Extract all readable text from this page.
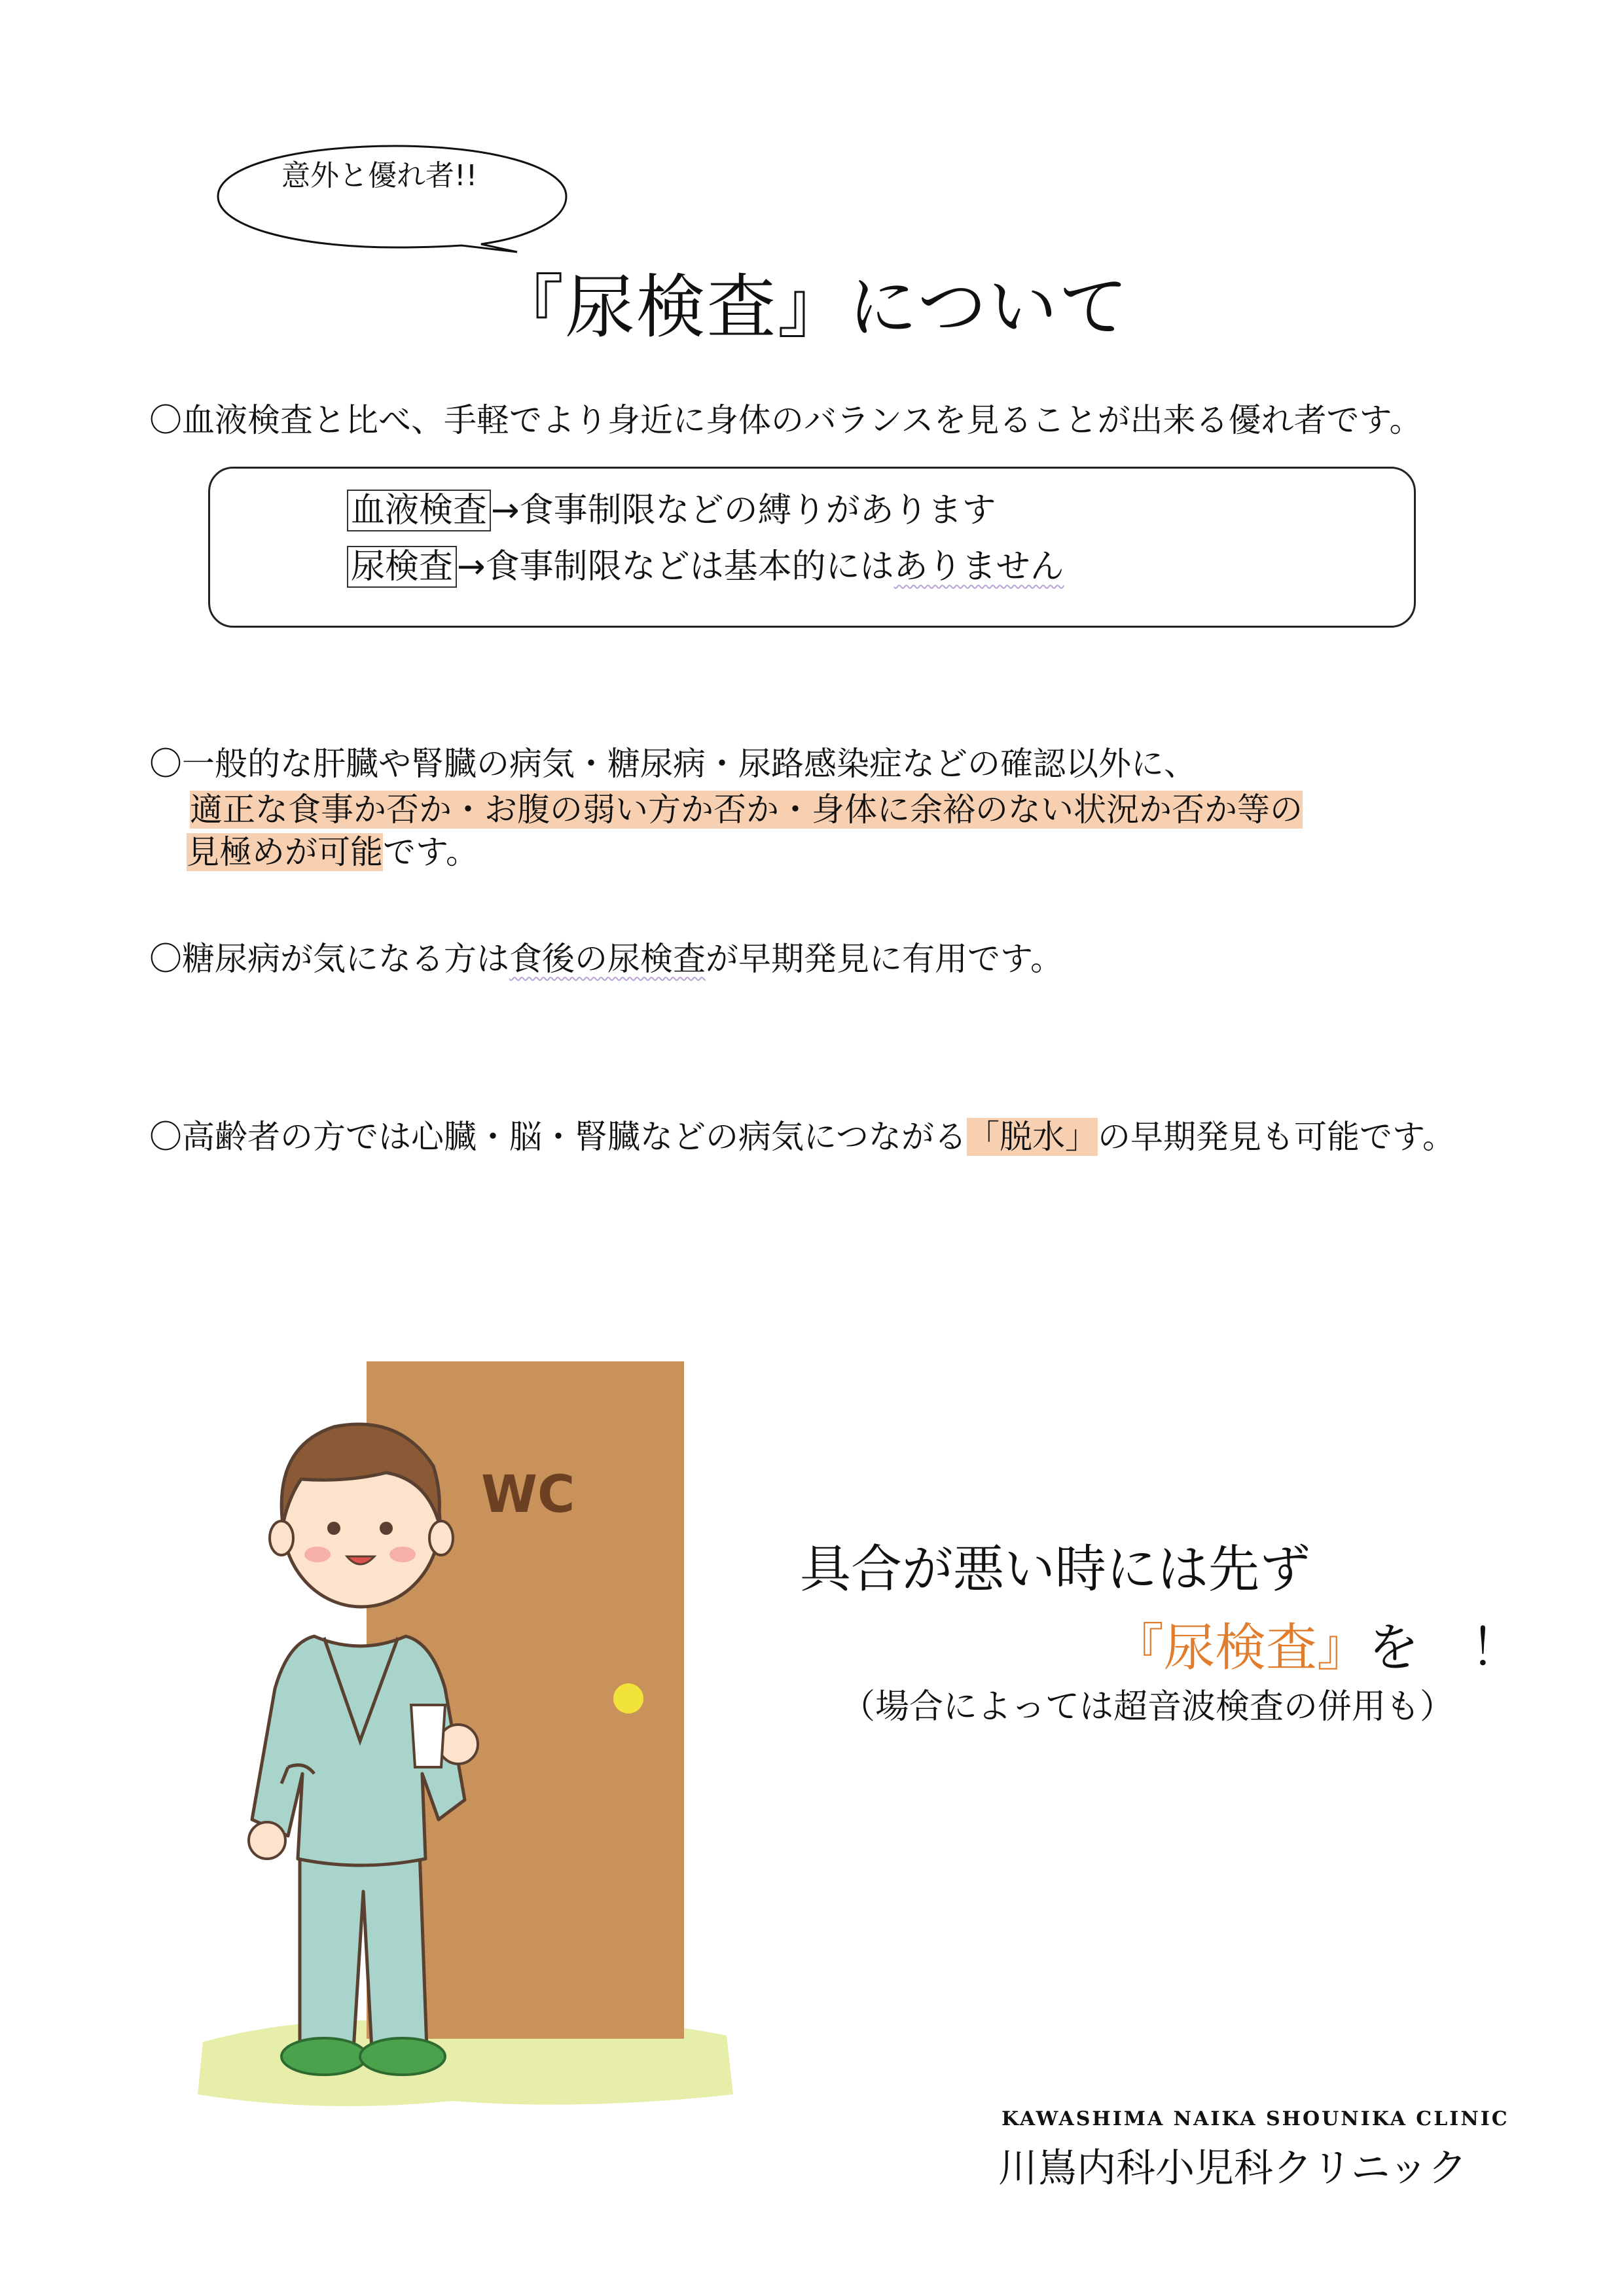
意外と優れ者!!
『尿検査』について
〇血液検査と比べ、手軽でより身近に身体のバランスを見ることが出来る優れ者です。
血液検査 →食事制限などの縛りがあります
尿検査 →食事制限などは基本的にはありません
〇一般的な肝臓や腎臓の病気・糖尿病・尿路感染症などの確認以外に、
適正な食事か否か・お腹の弱い方か否か・身体に余裕のない状況か否か等の
見極めが可能です。
〇糖尿病が気になる方は食後の尿検査が早期発見に有用です。
〇高齢者の方では心臓・脳・腎臓などの病気につながる「脱水」の早期発見も可能です。
WC
具合が悪い時には先ず
『尿検査』を　！
（場合によっては超音波検査の併用も）
KAWASHIMA NAIKA SHOUNIKA CLINIC
川嶌内科小児科クリニック
